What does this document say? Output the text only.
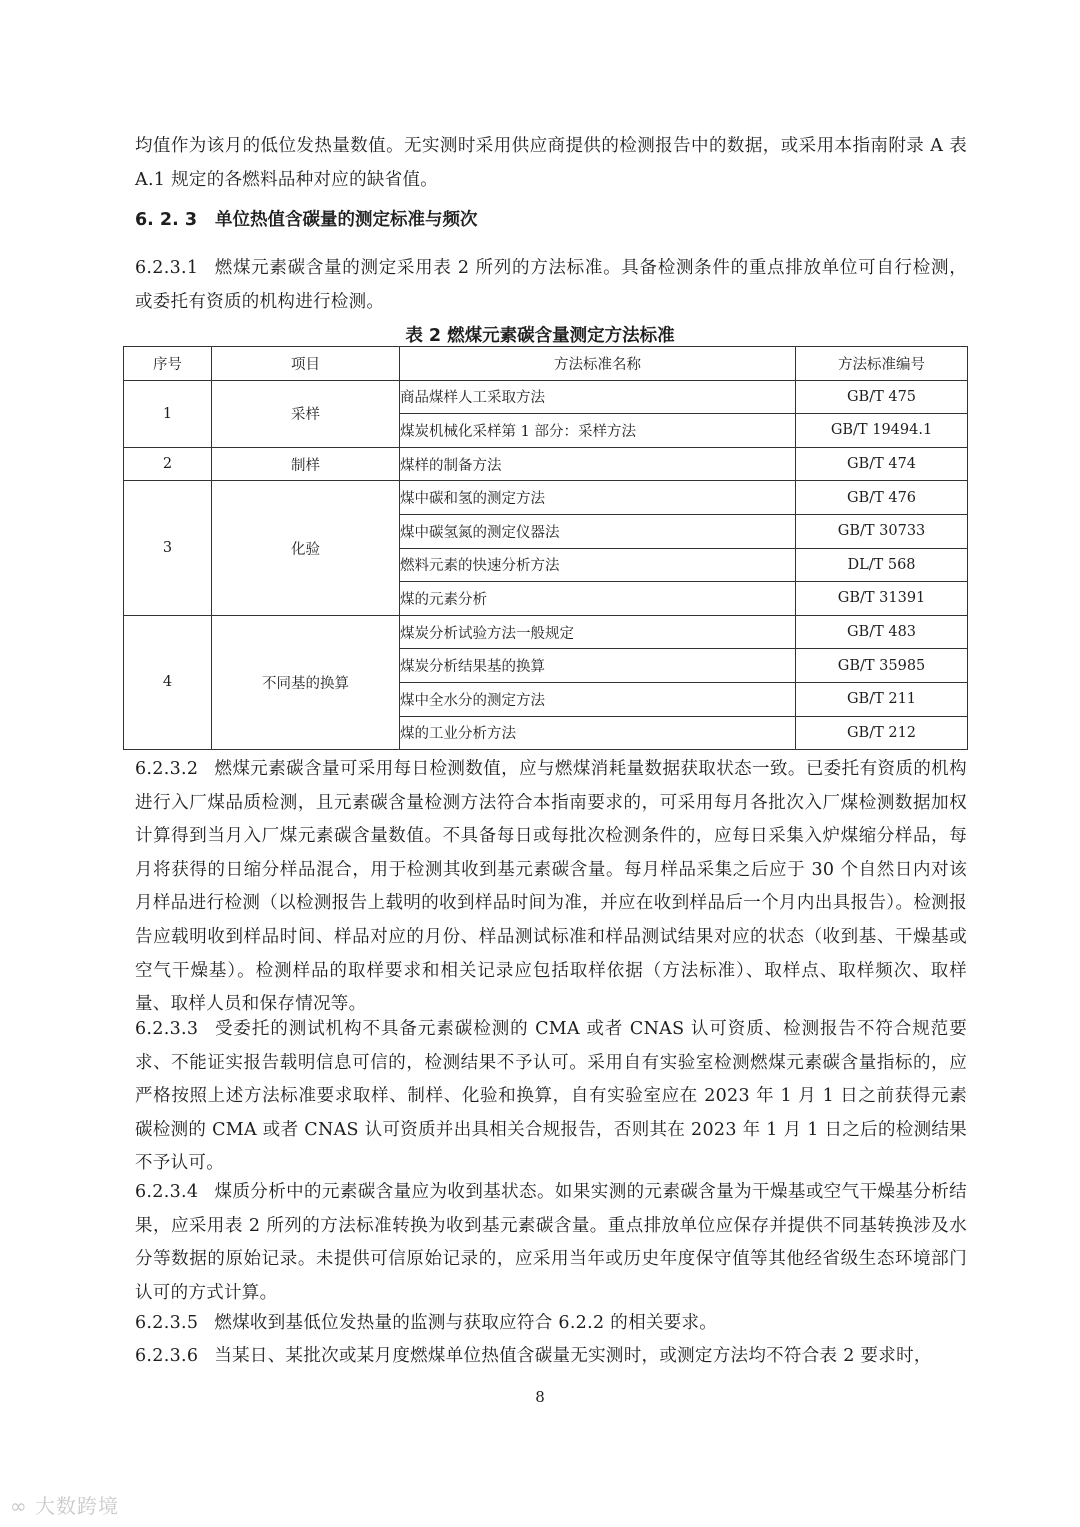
均值作为该月的低位发热量数值。无实测时采用供应商提供的检测报告中的数据，或采用本指南附录 A 表 A.1 规定的各燃料品种对应的缺省值。
6. 2. 3 单位热值含碳量的测定标准与频次
6.2.3.1 燃煤元素碳含量的测定采用表 2 所列的方法标准。具备检测条件的重点排放单位可自行检测，或委托有资质的机构进行检测。
表 2 燃煤元素碳含量测定方法标准
序号	项目	方法标准名称	方法标准编号
1	采样	商品煤样人工采取方法	GB/T 475
		煤炭机械化采样第 1 部分：采样方法	GB/T 19494.1
2	制样	煤样的制备方法	GB/T 474
3	化验	煤中碳和氢的测定方法	GB/T 476
		煤中碳氢氮的测定仪器法	GB/T 30733
		燃料元素的快速分析方法	DL/T 568
		煤的元素分析	GB/T 31391
4	不同基的换算	煤炭分析试验方法一般规定	GB/T 483
		煤炭分析结果基的换算	GB/T 35985
		煤中全水分的测定方法	GB/T 211
		煤的工业分析方法	GB/T 212
6.2.3.2 燃煤元素碳含量可采用每日检测数值，应与燃煤消耗量数据获取状态一致。已委托有资质的机构进行入厂煤品质检测，且元素碳含量检测方法符合本指南要求的，可采用每月各批次入厂煤检测数据加权计算得到当月入厂煤元素碳含量数值。不具备每日或每批次检测条件的，应每日采集入炉煤缩分样品，每月将获得的日缩分样品混合，用于检测其收到基元素碳含量。每月样品采集之后应于 30 个自然日内对该月样品进行检测（以检测报告上载明的收到样品时间为准，并应在收到样品后一个月内出具报告）。检测报告应载明收到样品时间、样品对应的月份、样品测试标准和样品测试结果对应的状态（收到基、干燥基或空气干燥基）。检测样品的取样要求和相关记录应包括取样依据（方法标准）、取样点、取样频次、取样量、取样人员和保存情况等。
6.2.3.3 受委托的测试机构不具备元素碳检测的 CMA 或者 CNAS 认可资质、检测报告不符合规范要求、不能证实报告载明信息可信的，检测结果不予认可。采用自有实验室检测燃煤元素碳含量指标的，应严格按照上述方法标准要求取样、制样、化验和换算，自有实验室应在 2023 年 1 月 1 日之前获得元素碳检测的 CMA 或者 CNAS 认可资质并出具相关合规报告，否则其在 2023 年 1 月 1 日之后的检测结果不予认可。
6.2.3.4 煤质分析中的元素碳含量应为收到基状态。如果实测的元素碳含量为干燥基或空气干燥基分析结果，应采用表 2 所列的方法标准转换为收到基元素碳含量。重点排放单位应保存并提供不同基转换涉及水分等数据的原始记录。未提供可信原始记录的，应采用当年或历史年度保守值等其他经省级生态环境部门认可的方式计算。
6.2.3.5 燃煤收到基低位发热量的监测与获取应符合 6.2.2 的相关要求。
6.2.3.6 当某日、某批次或某月度燃煤单位热值含碳量无实测时，或测定方法均不符合表 2 要求时，
8
∞ 大数跨境
